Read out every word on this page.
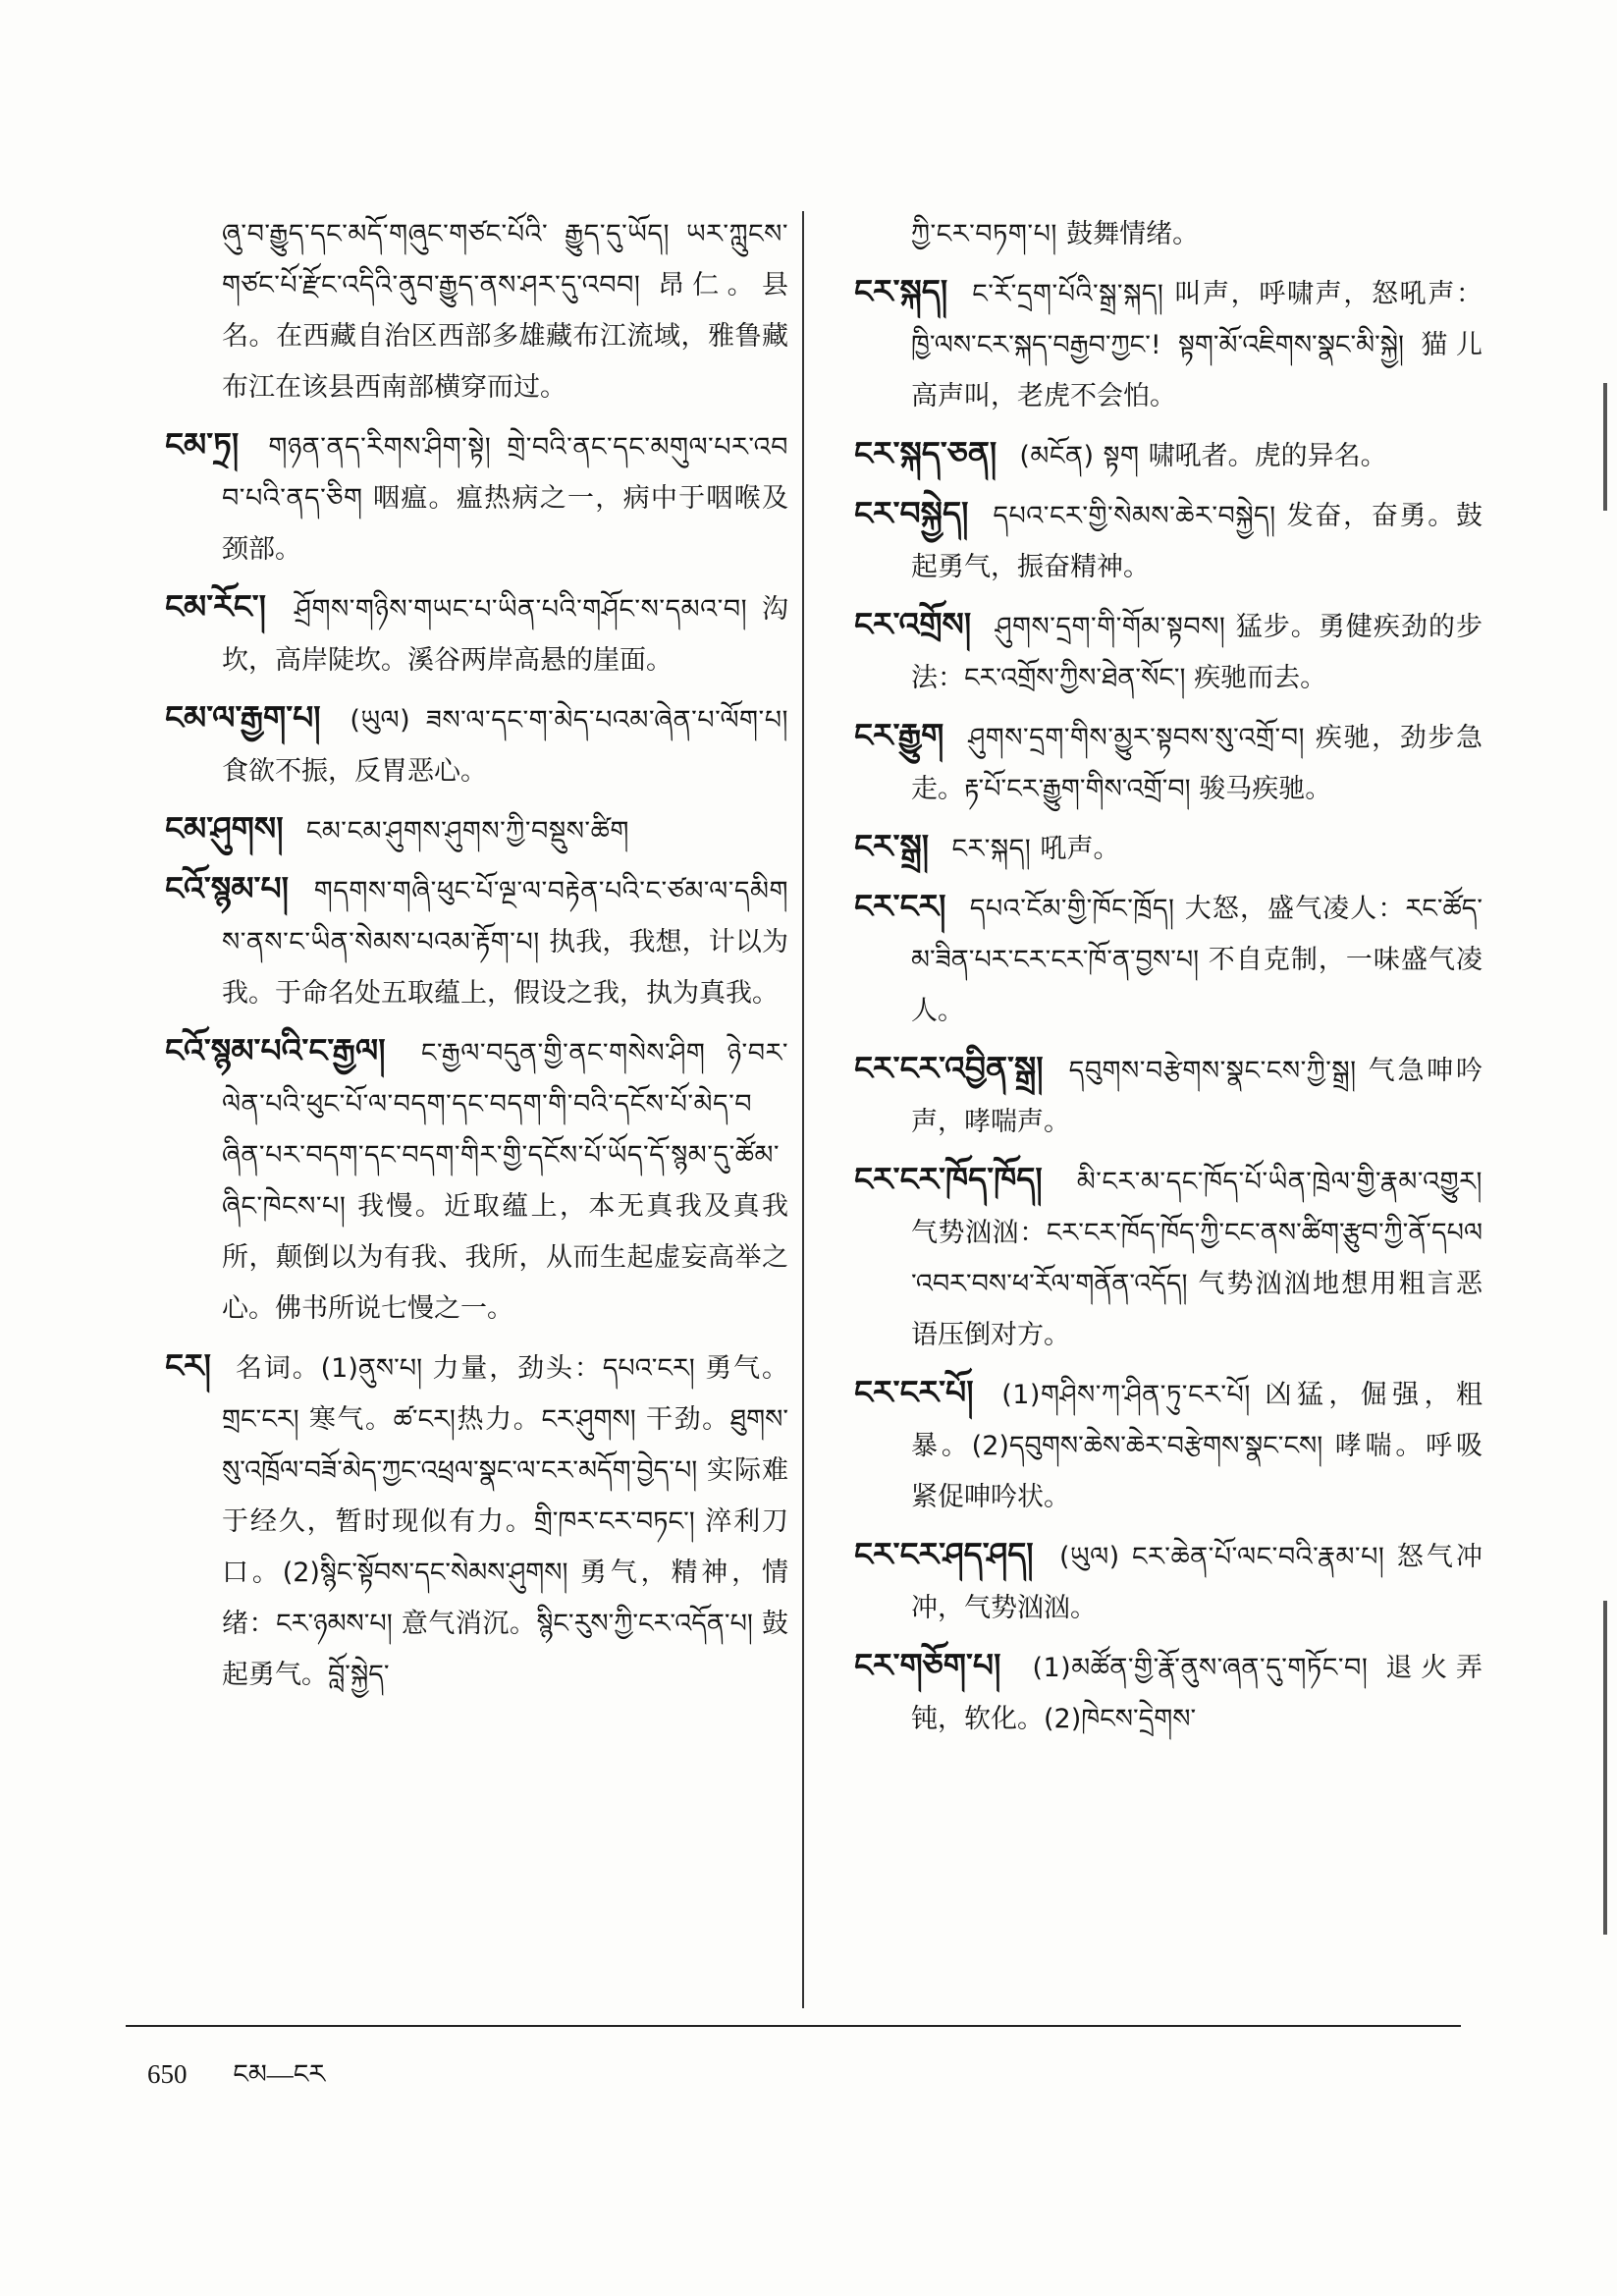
ཞུ་བ་རྒྱུད་དང་མདོ་གཞུང་གཙང་པོའི་ རྒྱུད་དུ་ཡོད། ཡར་ཀླུངས་གཙང་པོ་རྫོང་འདིའི་ནུབ་རྒྱུད་ནས་ཤར་དུ་འབབ། 昂仁。县名。在西藏自治区西部多雄藏布江流域，雅鲁藏布江在该县西南部横穿而过。

ངམ་ཏྲ། གཉན་ནད་རིགས་ཤིག་སྟེ། གྲེ་བའི་ནང་དང་མགུལ་པར་འབབ་པའི་ནད་ཅིག 咽瘟。瘟热病之一，病中于咽喉及颈部。

ངམ་རོང་། ཤྲོགས་གཉིས་གཡང་པ་ཡིན་པའི་གཤོང་ས་དམའ་བ། 沟坎，高岸陡坎。溪谷两岸高悬的崖面。

ངམ་ལ་རྒྱག་པ། (ཡུལ) ཟས་ལ་དང་ག་མེད་པའམ་ཞེན་པ་ལོག་པ། 食欲不振，反胃恶心。

ངམ་ཤུགས། ངམ་ངམ་ཤུགས་ཤུགས་ཀྱི་བསྡུས་ཚིག

ངའོ་སྙམ་པ། གདགས་གཞི་ཕུང་པོ་ལྔ་ལ་བརྟེན་པའི་ང་ཙམ་ལ་དམིགས་ནས་ང་ཡིན་སེམས་པའམ་རྟོག་པ། 执我，我想，计以为我。于命名处五取蕴上，假设之我，执为真我。

ངའོ་སྙམ་པའི་ང་རྒྱལ། ང་རྒྱལ་བདུན་གྱི་ནང་གསེས་ཤིག ཉེ་བར་ལེན་པའི་ཕུང་པོ་ལ་བདག་དང་བདག་གི་བའི་དངོས་པོ་མེད་བཞིན་པར་བདག་དང་བདག་གིར་གྱི་དངོས་པོ་ཡོད་དོ་སྙམ་དུ་ཚོམ་ཞིང་ཁེངས་པ། 我慢。近取蕴上，本无真我及真我所，颠倒以为有我、我所，从而生起虚妄高举之心。佛书所说七慢之一。

ངར། 名词。(1)ནུས་པ། 力量，劲头：དཔའ་ངར། 勇气。གྲང་ངར། 寒气。ཚ་ངར།热力。ངར་ཤུགས། 干劲。ཐུགས་སུ་འཁྲོལ་བཟོ་མེད་ཀྱང་འཕྲལ་སྣང་ལ་ངར་མདོག་བྱེད་པ། 实际难于经久，暂时现似有力。གྲི་ཁར་ངར་བཏང་། 淬利刀口。(2)སྙིང་སྟོབས་དང་སེམས་ཤུགས། 勇气，精神，情绪：ངར་ཉམས་པ། 意气消沉。སྙིང་རུས་ཀྱི་ངར་འདོན་པ། 鼓起勇气。བློ་སྐྱེད་

ཀྱི་ངར་བཏག་པ། 鼓舞情绪。

ངར་སྐད། ང་རོ་དྲག་པོའི་སྒྲ་སྐད། 叫声，呼啸声，怒吼声：ཁྱི་ལས་ངར་སྐད་བརྒྱབ་ཀྱང་! སྟག་མོ་འཇིགས་སྣང་མི་སྐྱེ། 猫儿高声叫，老虎不会怕。

ངར་སྐད་ཅན། (མངོན) སྟག 啸吼者。虎的异名。

ངར་བསྐྱེད། དཔའ་ངར་གྱི་སེམས་ཆེར་བསྐྱེད། 发奋，奋勇。鼓起勇气，振奋精神。

ངར་འགྲོས། ཤུགས་དྲག་གི་གོམ་སྟབས། 猛步。勇健疾劲的步法：ངར་འགྲོས་ཀྱིས་ཐེན་སོང་། 疾驰而去。

ངར་རྒྱུག ཤུགས་དྲག་གིས་མྱུར་སྟབས་སུ་འགྲོ་བ། 疾驰，劲步急走。རྟ་པོ་ངར་རྒྱུག་གིས་འགྲོ་བ། 骏马疾驰。

ངར་སྒྲ། ངར་སྐད། 吼声。

ངར་ངར། དཔའ་ངོམ་གྱི་ཁོང་ཁྲོད། 大怒，盛气凌人：རང་ཚོད་མ་ཟིན་པར་ངར་ངར་ཁོ་ན་བྱས་པ། 不自克制，一味盛气凌人。

ངར་ངར་འབྱིན་སྒྲ། དབུགས་བརྩེགས་སྣང་ངས་ཀྱི་སྒྲ། 气急呻吟声，哮喘声。

ངར་ངར་ཁོད་ཁོད། མི་ངར་མ་དང་ཁོད་པོ་ཡིན་ཁྲེལ་གྱི་རྣམ་འགྱུར། 气势汹汹：ངར་ངར་ཁོད་ཁོད་ཀྱི་ངང་ནས་ཚིག་རྩུབ་ཀྱི་ནོ་དཔལ་འབར་བས་ཕ་རོལ་གནོན་འདོད། 气势汹汹地想用粗言恶语压倒对方。

ངར་ངར་པོ། (1)གཤིས་ཀ་ཤིན་ཏུ་ངར་པོ། 凶猛，倔强，粗暴。(2)དབུགས་ཆེས་ཆེར་བརྩེགས་སྣང་ངས། 哮喘。呼吸紧促呻吟状。

ངར་ངར་ཤད་ཤད། (ཡུལ) ངར་ཆེན་པོ་ལང་བའི་རྣམ་པ། 怒气冲冲，气势汹汹。

ངར་གཅོག་པ། (1)མཚོན་གྱི་རྣོ་ནུས་ཞན་དུ་གཏོང་བ། 退火弄钝，软化。(2)ཁེངས་དྲེགས་

650 ངམ—ངར
